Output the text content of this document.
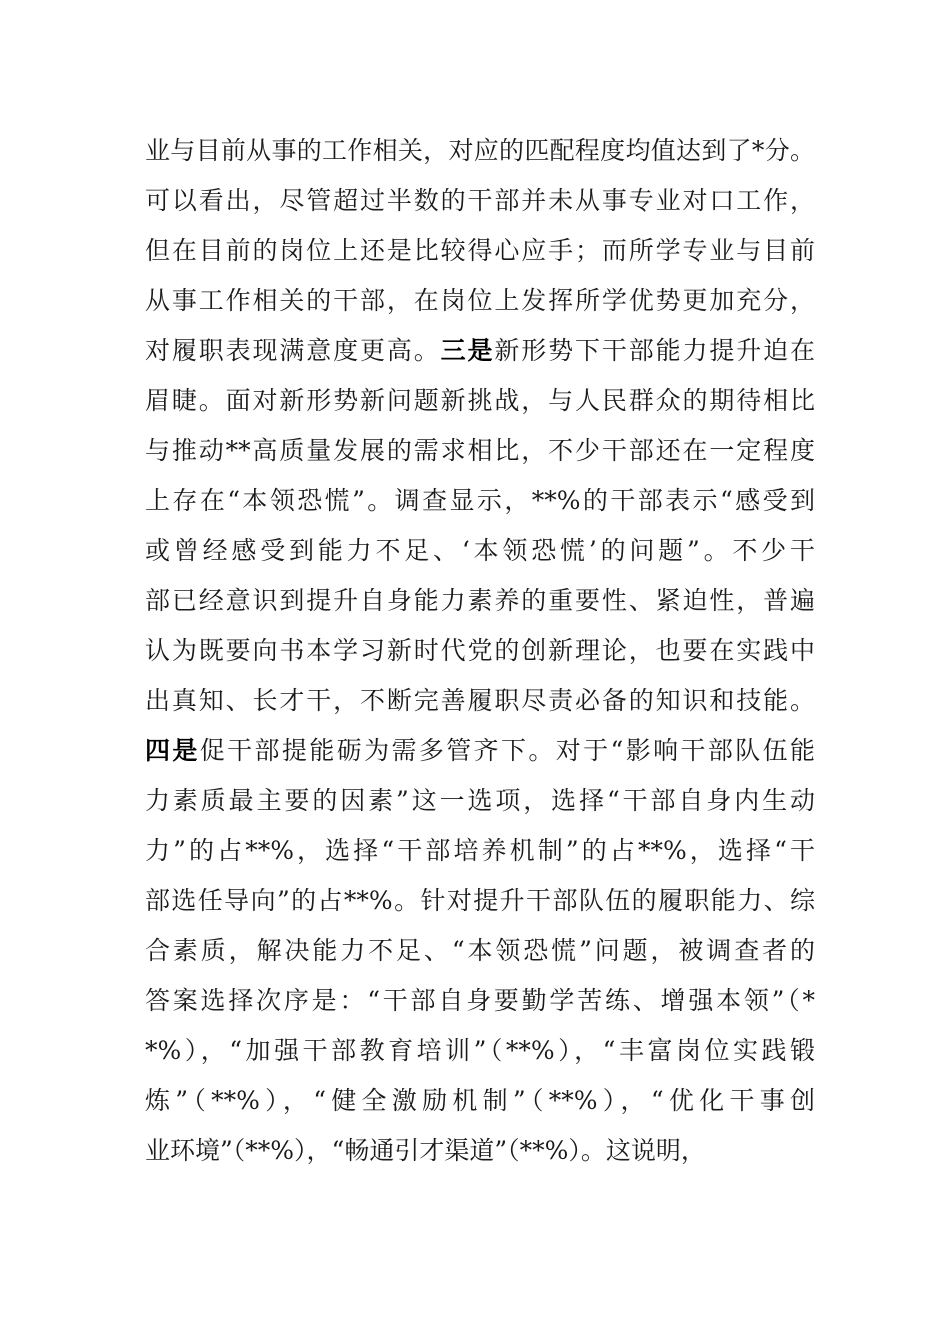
业与目前从事的工作相关，对应的匹配程度均值达到了*分。
可以看出，尽管超过半数的干部并未从事专业对口工作，
但在目前的岗位上还是比较得心应手；而所学专业与目前
从事工作相关的干部，在岗位上发挥所学优势更加充分，
对履职表现满意度更高。三是新形势下干部能力提升迫在
眉睫。面对新形势新问题新挑战，与人民群众的期待相比
与推动**高质量发展的需求相比，不少干部还在一定程度
上存在“本领恐慌”。调查显示，**%的干部表示“感受到
或曾经感受到能力不足、‘本领恐慌’的问题”。不少干
部已经意识到提升自身能力素养的重要性、紧迫性，普遍
认为既要向书本学习新时代党的创新理论，也要在实践中
出真知、长才干，不断完善履职尽责必备的知识和技能。
四是促干部提能砺为需多管齐下。对于“影响干部队伍能
力素质最主要的因素”这一选项，选择“干部自身内生动
力”的占**%，选择“干部培养机制”的占**%，选择“干
部选任导向”的占**%。针对提升干部队伍的履职能力、综
合素质，解决能力不足、“本领恐慌”问题，被调查者的
答案选择次序是：“干部自身要勤学苦练、增强本领”（*
*%），“加强干部教育培训”（**%），“丰富岗位实践锻
炼”（**%），“健全激励机制”（**%），“优化干事创
业环境”（**%），“畅通引才渠道”（**%）。这说明，
